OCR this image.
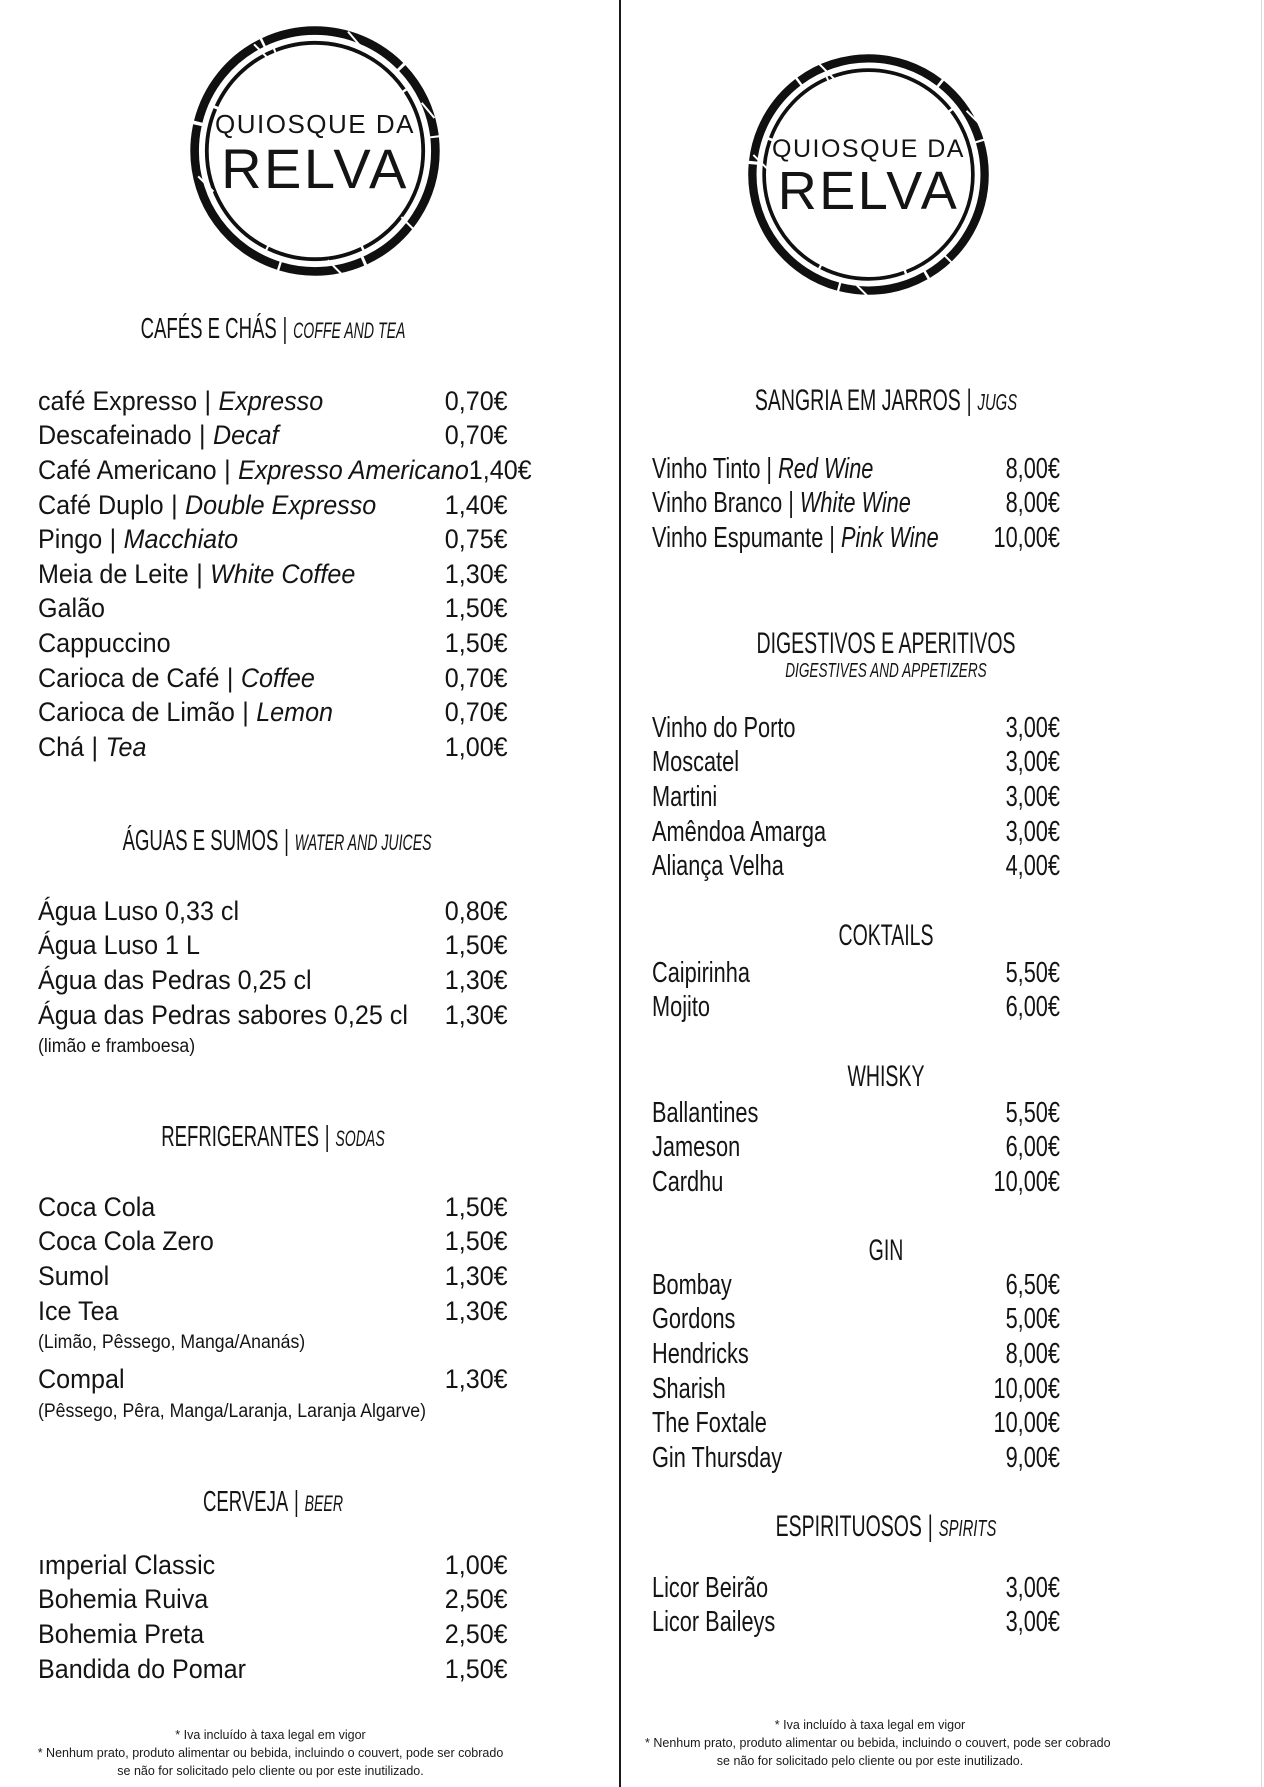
QUIOSQUE DA
RELVA	QUIOSQUE DA
RELVA
CAFÉS E CHÁS | COFFE AND TEA
café Expresso | Expresso	0,70€
Descafeinado | Decaf	0,70€
Café Americano | Expresso Americano 1,40€
Café Duplo | Double Expresso	1,40€
Pingo | Macchiato	0,75€
Meia de Leite | White Coffee	1,30€
Galão	1,50€
Cappuccino	1,50€
Carioca de Café | Coffee	0,70€
Carioca de Limão | Lemon	0,70€
Chá | Tea	1,00€
ÁGUAS E SUMOS | WATER AND JUICES
Água Luso 0,33 cl	0,80€
Água Luso 1 L	1,50€
Água das Pedras 0,25 cl	1,30€
Água das Pedras sabores 0,25 cl 1,30€
(limão e framboesa)
REFRIGERANTES | SODAS
Coca Cola	1,50€
Coca Cola Zero	1,50€
Sumol	1,30€
Ice Tea	1,30€
(Limão, Pêssego, Manga/Ananás)
Compal	1,30€
(Pêssego, Pêra, Manga/Laranja, Laranja Algarve)
CERVEJA | BEER
ımperial Classic	1,00€
Bohemia Ruiva	2,50€
Bohemia Preta	2,50€
Bandida do Pomar	1,50€
SANGRIA EM JARROS | JUGS
Vinho Tinto | Red Wine	8,00€
Vinho Branco | White Wine	8,00€
Vinho Espumante | Pink Wine 10,00€
DIGESTIVOS E APERITIVOS
DIGESTIVES AND APPETIZERS
Vinho do Porto	3,00€
Moscatel	3,00€
Martini	3,00€
Amêndoa Amarga	3,00€
Aliança Velha	4,00€
COKTAILS
Caipirinha	5,50€
Mojito	6,00€
WHISKY
Ballantines	5,50€
Jameson	6,00€
Cardhu	10,00€
GIN
Bombay	6,50€
Gordons	5,00€
Hendricks	8,00€
Sharish	10,00€
The Foxtale	10,00€
Gin Thursday	9,00€
ESPIRITUOSOS | SPIRITS
Licor Beirão	3,00€
Licor Baileys	3,00€
* Iva incluído à taxa legal em vigor
* Nenhum prato, produto alimentar ou bebida, incluindo o couvert, pode ser cobrado
se não for solicitado pelo cliente ou por este inutilizado.
* Iva incluído à taxa legal em vigor
* Nenhum prato, produto alimentar ou bebida, incluindo o couvert, pode ser cobrado
se não for solicitado pelo cliente ou por este inutilizado.
